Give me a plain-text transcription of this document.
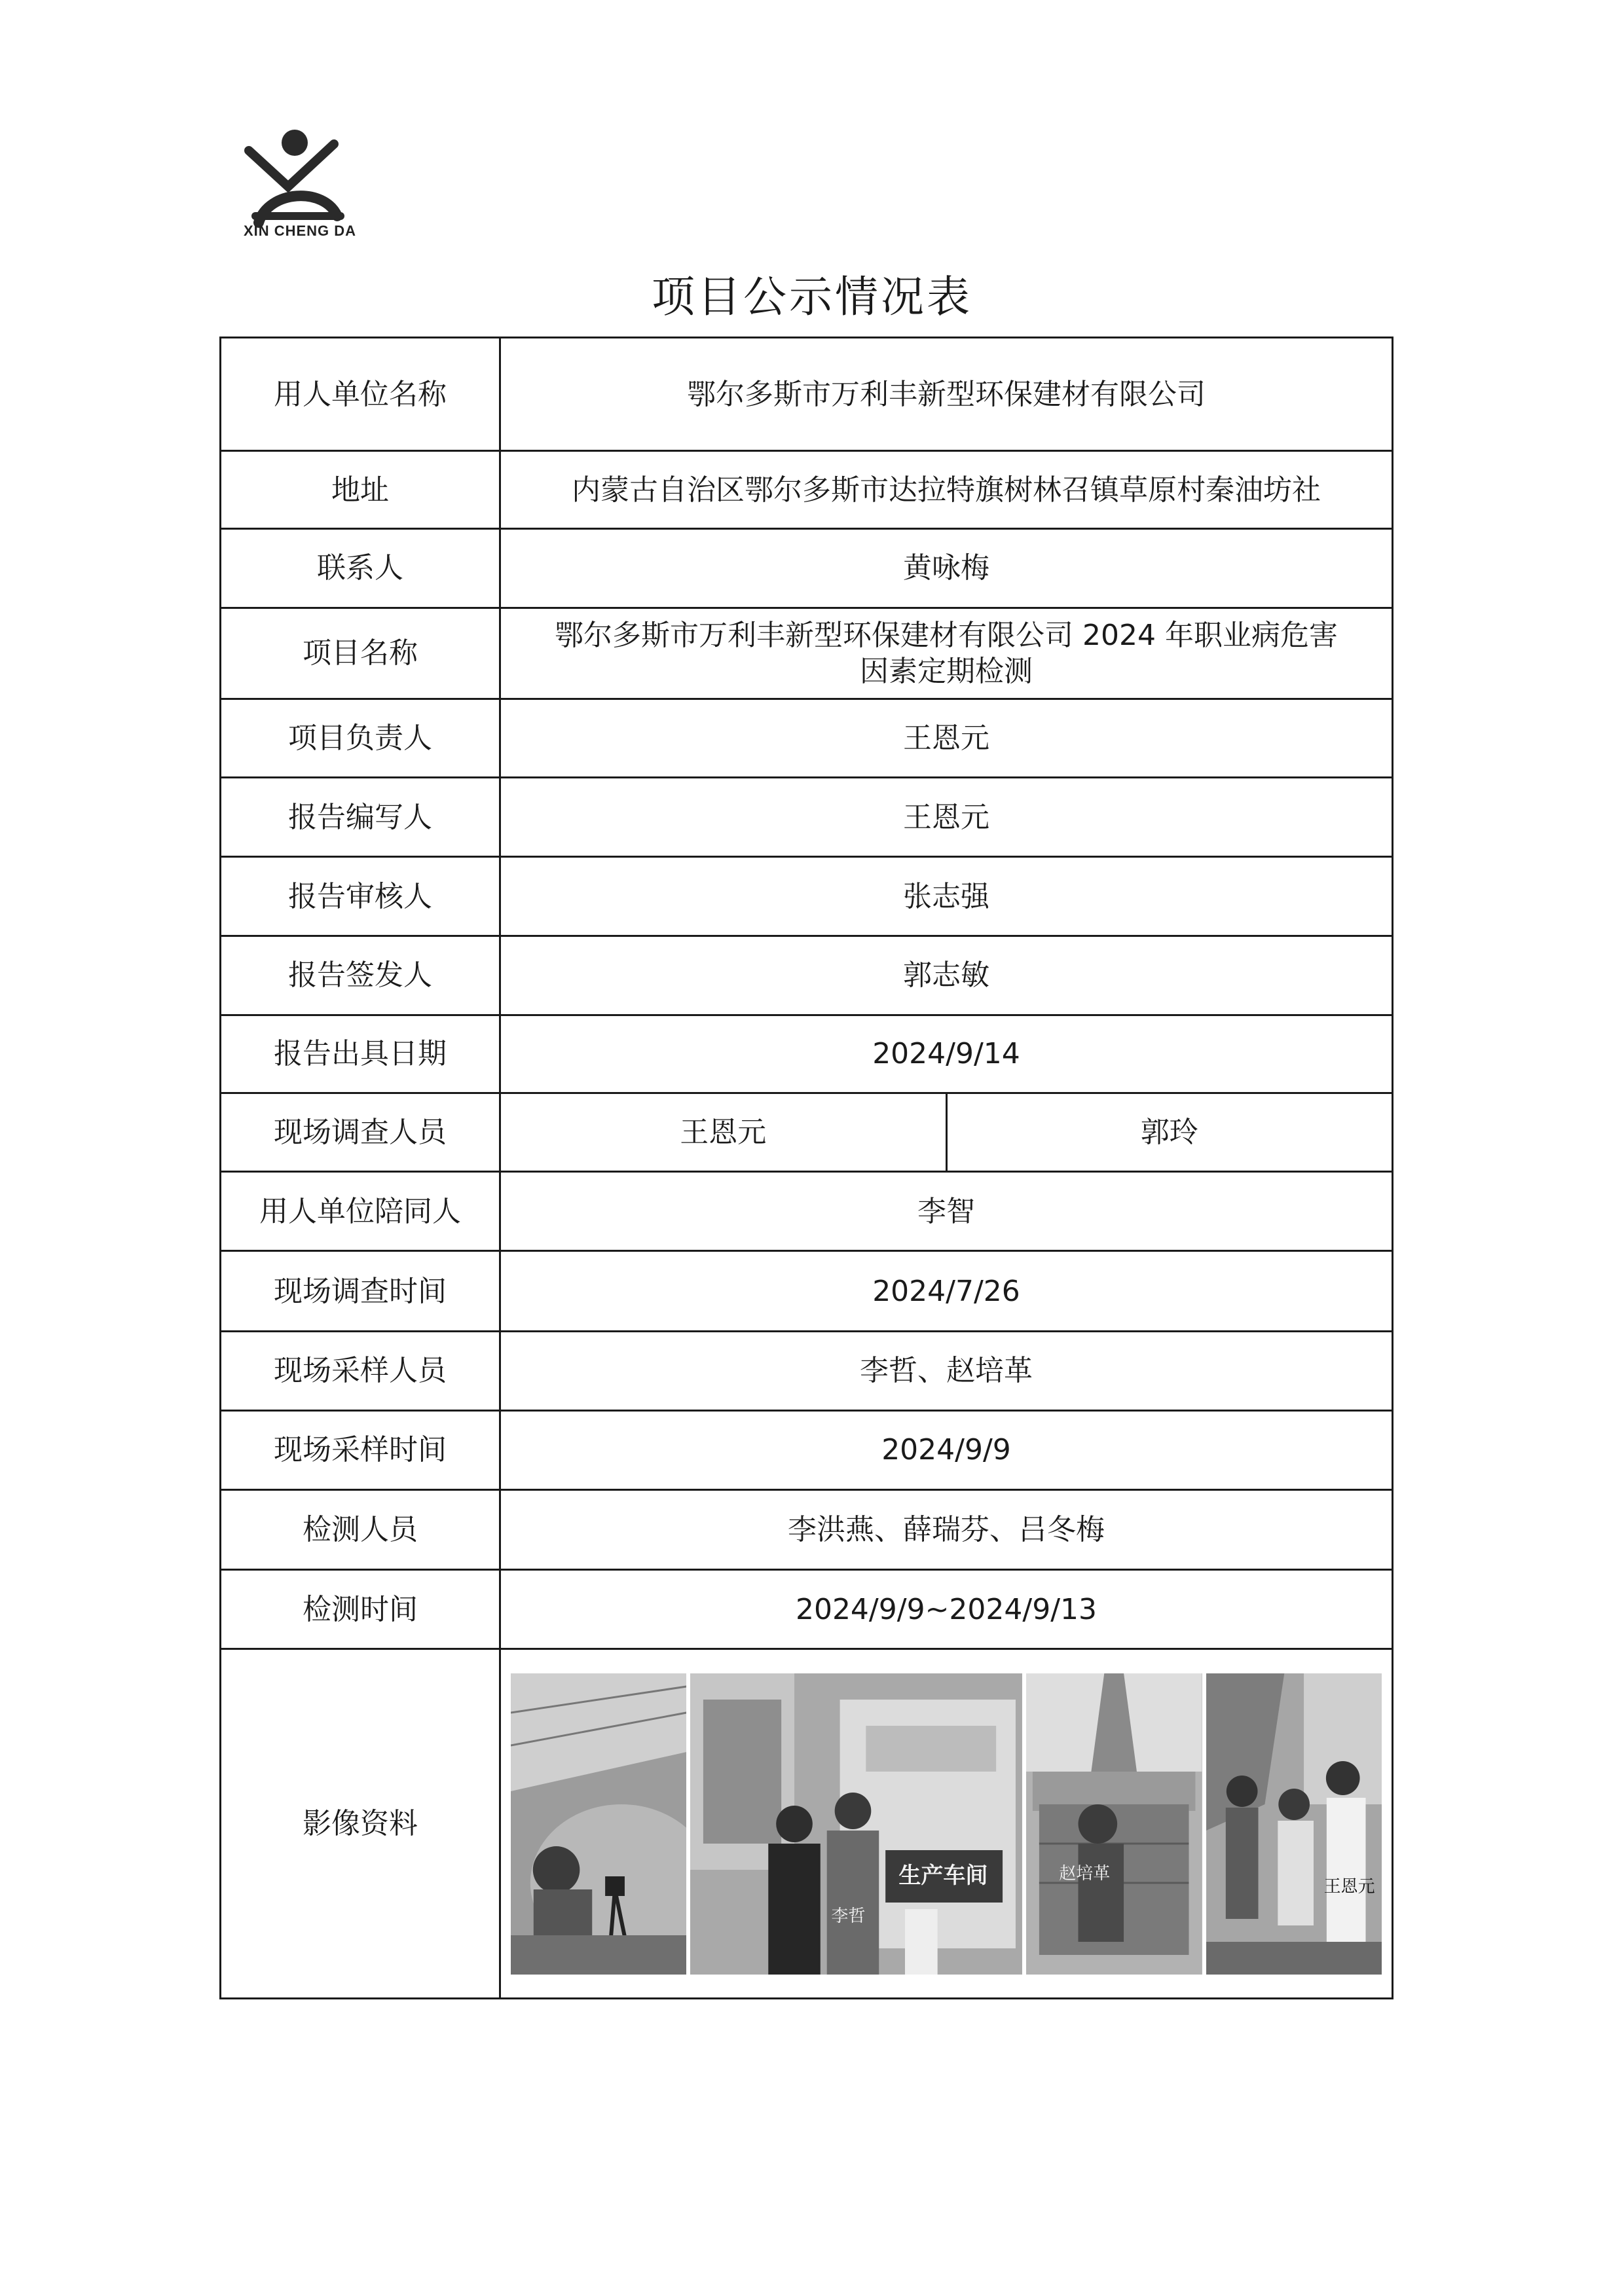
XIN CHENG DA
项目公示情况表
用人单位名称	鄂尔多斯市万利丰新型环保建材有限公司	
地址	内蒙古自治区鄂尔多斯市达拉特旗树林召镇草原村秦油坊社	
联系人	黄咏梅	
项目名称	鄂尔多斯市万利丰新型环保建材有限公司 2024 年职业病危害
因素定期检测	

项目负责人	王恩元	
报告编写人	王恩元	
报告审核人	张志强	
报告签发人	郭志敏	
报告出具日期	2024/9/14	
现场调查人员	王恩元	郭玲
用人单位陪同人	李智	
现场调查时间	2024/7/26	
现场采样人员	李哲、赵培革	
现场采样时间	2024/9/9	
检测人员	李洪燕、薛瑞芬、吕冬梅	
检测时间	2024/9/9~2024/9/13	
影像资料	生产车间
李哲
赵培革
王恩元	
